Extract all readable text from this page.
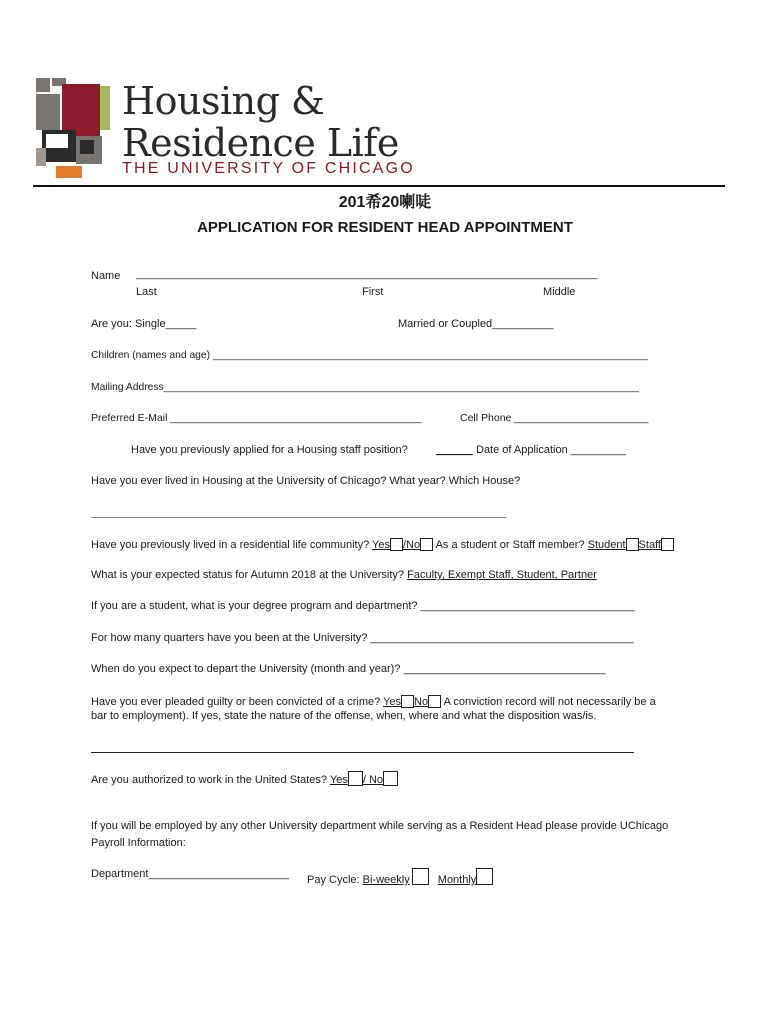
Housing &
Residence Life
THE UNIVERSITY OF CHICAGO
201希20喇唗
APPLICATION FOR RESIDENT HEAD APPOINTMENT
Name ______________________________________________________________________________________
Last	First	Middle
Are you: Single_____	Married or Coupled__________
Children (names and age) ____________________________________________________________________________
Mailing Address___________________________________________________________________________________
Preferred E-Mail ___________________________________________	Cell Phone _______________________
Have you previously applied for a Housing staff position?	______ Date of Application _________
Have you ever lived in Housing at the University of Chicago? What year? Which House?
____________________________________________________________________________________________
Have you previously lived in a residential life community? Yes /No As a student or Staff member? Student Staff
What is your expected status for Autumn 2018 at the University? Faculty, Exempt Staff, Student, Partner
If you are a student, what is your degree program and department? ___________________________________
For how many quarters have you been at the University? ___________________________________________
When do you expect to depart the University (month and year)? _________________________________
Have you ever pleaded guilty or been convicted of a crime? Yes No A conviction record will not necessarily be a
bar to employment). If yes, state the nature of the offense, when, where and what the disposition was/is.
Are you authorized to work in the United States? Yes / No
If you will be employed by any other University department while serving as a Resident Head please provide UChicago
Payroll Information:
Department_______________________ Pay Cycle: Bi-weekly	Monthly
